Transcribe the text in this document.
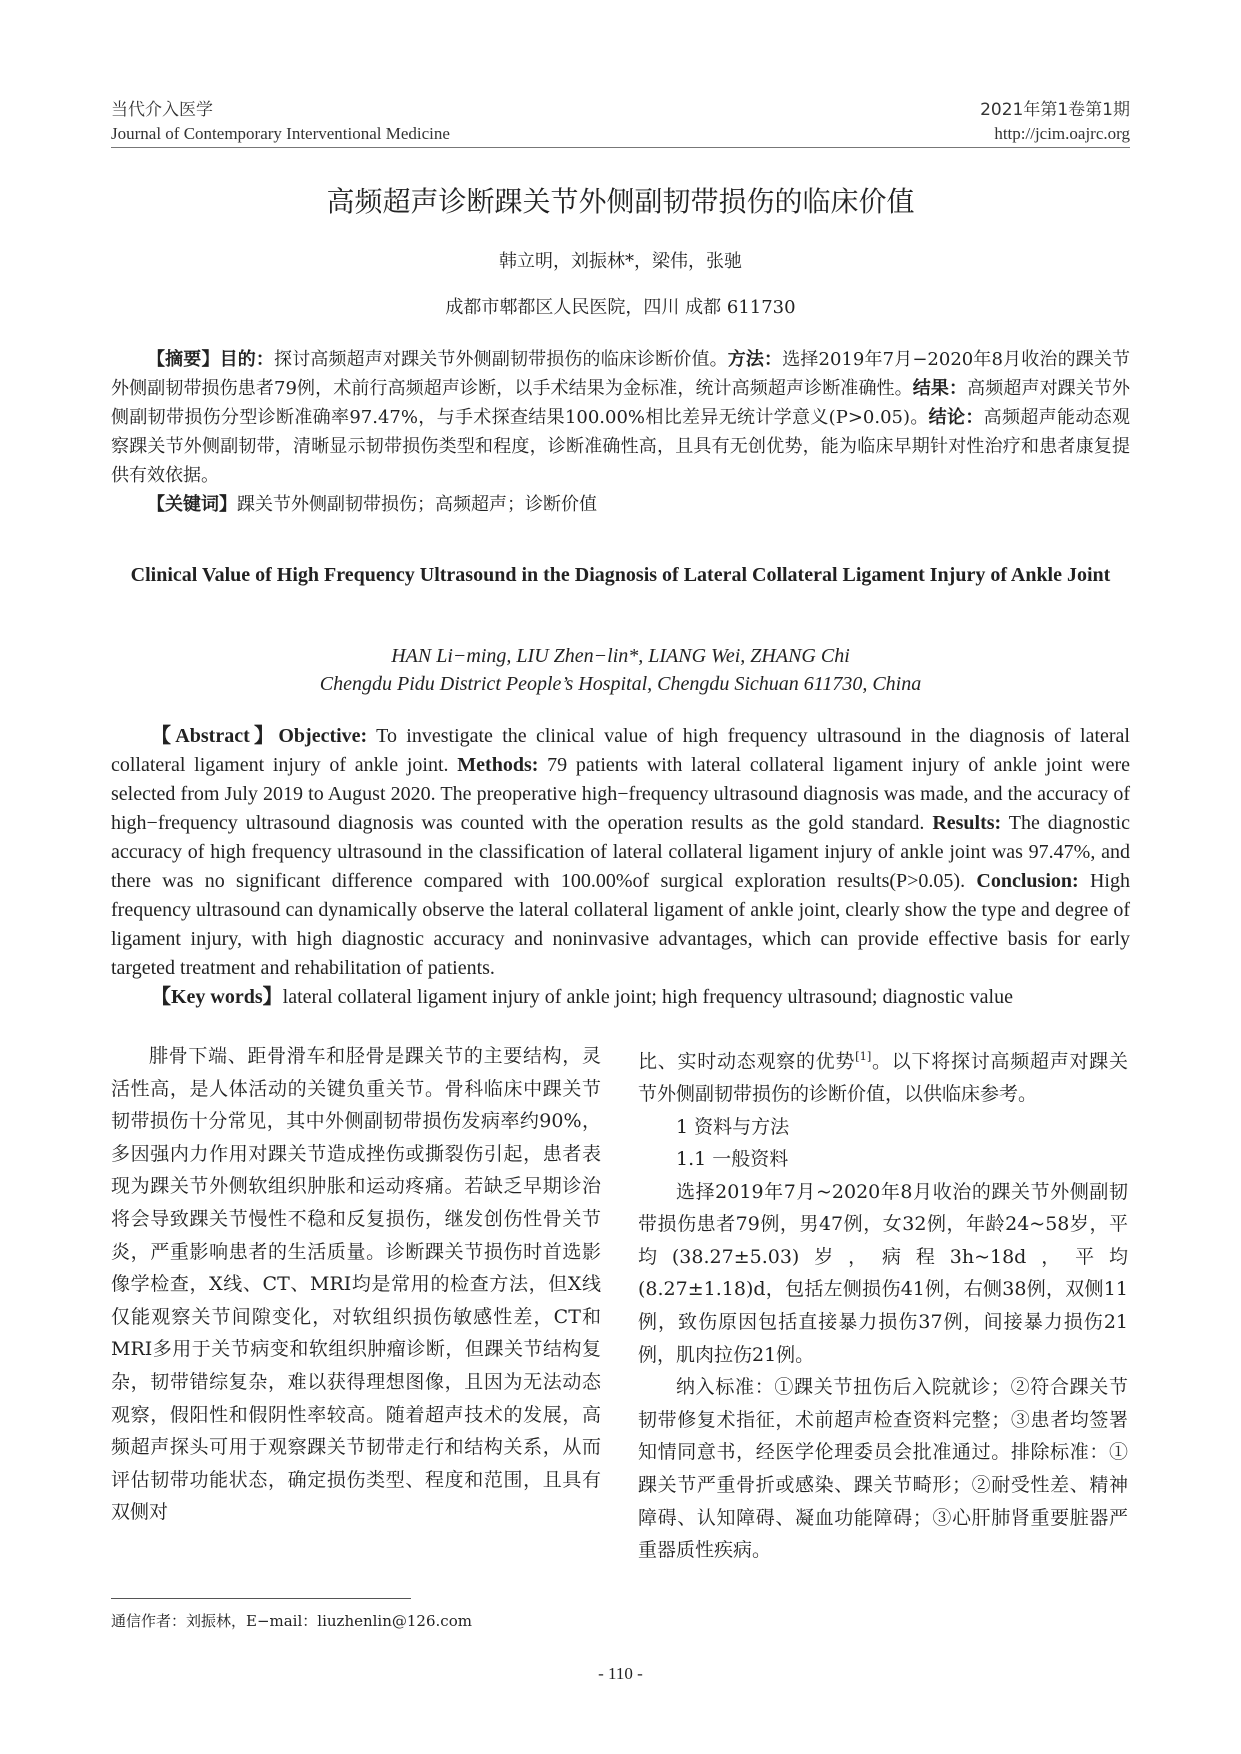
当代介入医学
Journal of Contemporary Interventional Medicine
2021年第1卷第1期
http://jcim.oajrc.org
高频超声诊断踝关节外侧副韧带损伤的临床价值
韩立明，刘振林*，梁伟，张驰
成都市郫都区人民医院，四川 成都 611730

【摘要】目的：探讨高频超声对踝关节外侧副韧带损伤的临床诊断价值。方法：选择2019年7月−2020年8月收治的踝关节外侧副韧带损伤患者79例，术前行高频超声诊断，以手术结果为金标准，统计高频超声诊断准确性。结果：高频超声对踝关节外侧副韧带损伤分型诊断准确率97.47%，与手术探查结果100.00%相比差异无统计学意义(P>0.05)。结论：高频超声能动态观察踝关节外侧副韧带，清晰显示韧带损伤类型和程度，诊断准确性高，且具有无创优势，能为临床早期针对性治疗和患者康复提供有效依据。

【关键词】踝关节外侧副韧带损伤；高频超声；诊断价值

Clinical Value of High Frequency Ultrasound in the Diagnosis of Lateral Collateral Ligament Injury of Ankle Joint
HAN Li−ming, LIU Zhen−lin*, LIANG Wei, ZHANG Chi
Chengdu Pidu District People’s Hospital, Chengdu Sichuan 611730, China

【Abstract】Objective: To investigate the clinical value of high frequency ultrasound in the diagnosis of lateral collateral ligament injury of ankle joint. Methods: 79 patients with lateral collateral ligament injury of ankle joint were selected from July 2019 to August 2020. The preoperative high−frequency ultrasound diagnosis was made, and the accuracy of high−frequency ultrasound diagnosis was counted with the operation results as the gold standard. Results: The diagnostic accuracy of high frequency ultrasound in the classification of lateral collateral ligament injury of ankle joint was 97.47%, and there was no significant difference compared with 100.00%of surgical exploration results(P>0.05). Conclusion: High frequency ultrasound can dynamically observe the lateral collateral ligament of ankle joint, clearly show the type and degree of ligament injury, with high diagnostic accuracy and noninvasive advantages, which can provide effective basis for early targeted treatment and rehabilitation of patients.

【Key words】lateral collateral ligament injury of ankle joint; high frequency ultrasound; diagnostic value

腓骨下端、距骨滑车和胫骨是踝关节的主要结构，灵活性高，是人体活动的关键负重关节。骨科临床中踝关节韧带损伤十分常见，其中外侧副韧带损伤发病率约90%，多因强内力作用对踝关节造成挫伤或撕裂伤引起，患者表现为踝关节外侧软组织肿胀和运动疼痛。若缺乏早期诊治将会导致踝关节慢性不稳和反复损伤，继发创伤性骨关节炎，严重影响患者的生活质量。诊断踝关节损伤时首选影像学检查，X线、CT、MRI均是常用的检查方法，但X线仅能观察关节间隙变化，对软组织损伤敏感性差，CT和MRI多用于关节病变和软组织肿瘤诊断，但踝关节结构复杂，韧带错综复杂，难以获得理想图像，且因为无法动态观察，假阳性和假阴性率较高。随着超声技术的发展，高频超声探头可用于观察踝关节韧带走行和结构关系，从而评估韧带功能状态，确定损伤类型、程度和范围，且具有双侧对

比、实时动态观察的优势[1]。以下将探讨高频超声对踝关节外侧副韧带损伤的诊断价值，以供临床参考。

1 资料与方法

1.1 一般资料

选择2019年7月~2020年8月收治的踝关节外侧副韧带损伤患者79例，男47例，女32例，年龄24~58岁，平均(38.27±5.03)岁，病程3h~18d，平均(8.27±1.18)d，包括左侧损伤41例，右侧38例，双侧11例，致伤原因包括直接暴力损伤37例，间接暴力损伤21例，肌肉拉伤21例。

纳入标准：①踝关节扭伤后入院就诊；②符合踝关节韧带修复术指征，术前超声检查资料完整；③患者均签署知情同意书，经医学伦理委员会批准通过。排除标准：①踝关节严重骨折或感染、踝关节畸形；②耐受性差、精神障碍、认知障碍、凝血功能障碍；③心肝肺肾重要脏器严重器质性疾病。

通信作者：刘振林，E−mail：liuzhenlin@126.com
- 110 -
